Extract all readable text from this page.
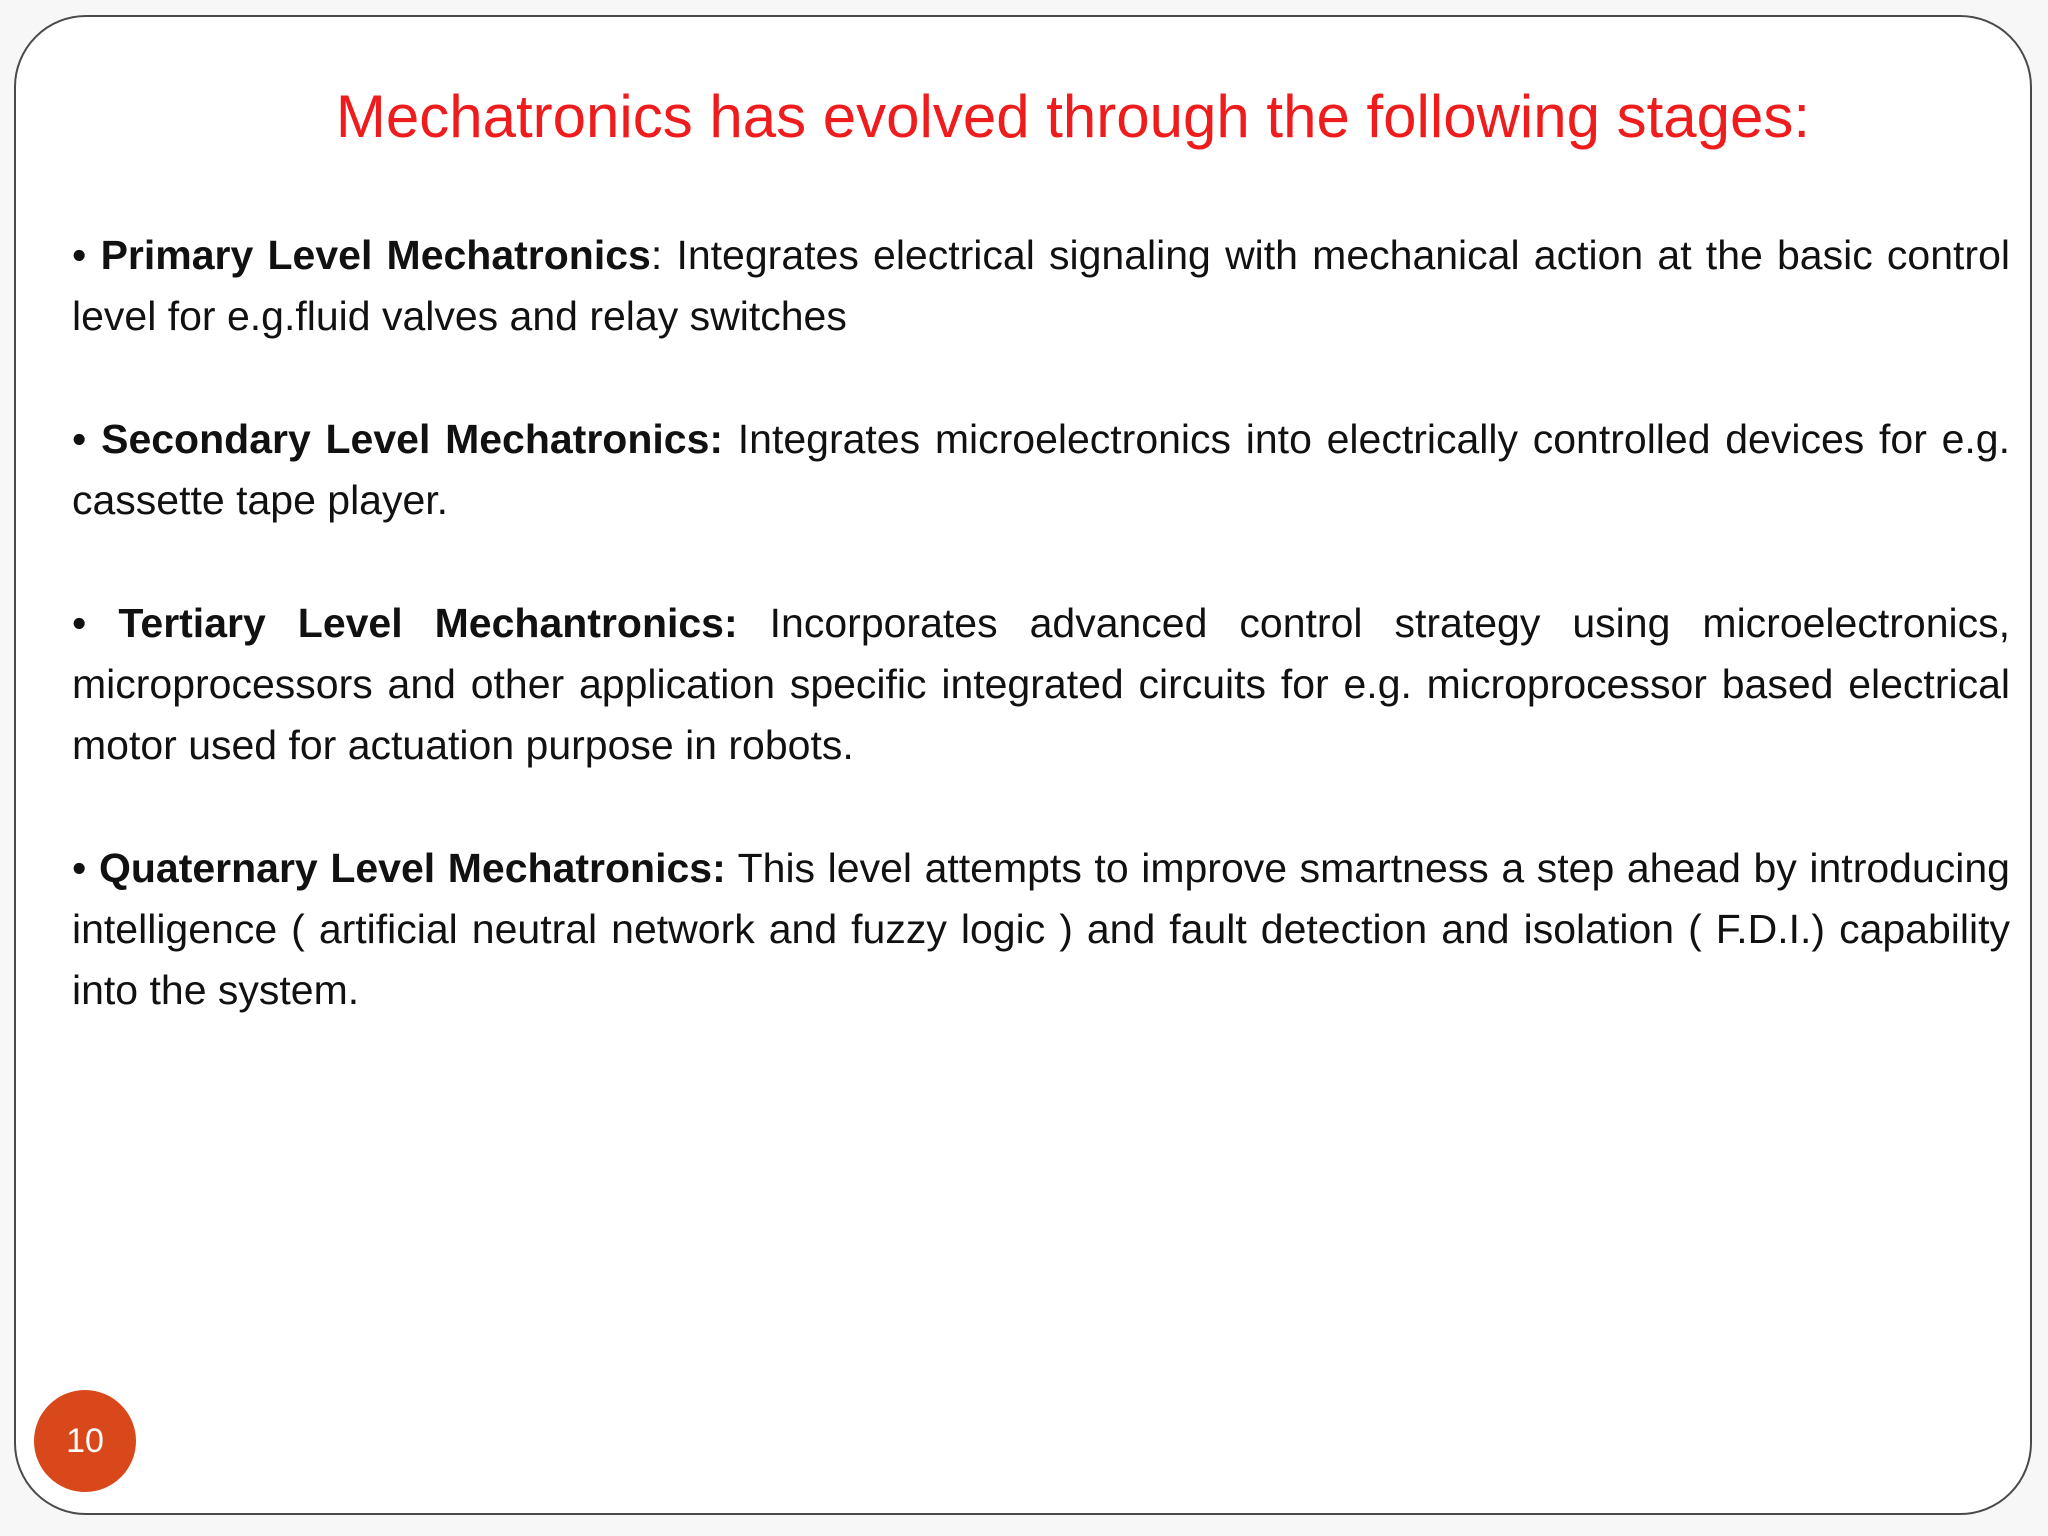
Mechatronics has evolved through the following stages:

• Primary Level Mechatronics: Integrates electrical signaling with mechanical action at the basic control level for e.g.fluid valves and relay switches

• Secondary Level Mechatronics: Integrates microelectronics into electrically controlled devices for e.g. cassette tape player.

• Tertiary Level Mechantronics: Incorporates advanced control strategy using microelectronics, microprocessors and other application specific integrated circuits for e.g. microprocessor based electrical motor used for actuation purpose in robots.

• Quaternary Level Mechatronics: This level attempts to improve smartness a step ahead by introducing intelligence ( artificial neutral network and fuzzy logic ) and fault detection and isolation ( F.D.I.) capability into the system.

10
